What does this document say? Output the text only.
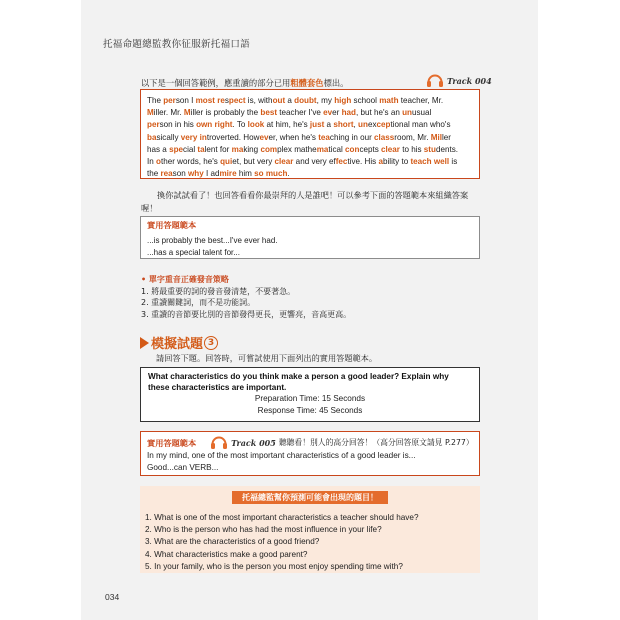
托福命題總監教你征服新托福口語
以下是一個回答範例，應重讀的部分已用粗體套色標出。	Track 004
The person I most respect is, without a doubt, my high school math teacher, Mr.
Miller. Mr. Miller is probably the best teacher I've ever had, but he's an unusual
person in his own right. To look at him, he's just a short, unexceptional man who's
basically very introverted. However, when he's teaching in our classroom, Mr. Miller
has a special talent for making complex mathematical concepts clear to his students.
In other words, he's quiet, but very clear and very effective. His ability to teach well is
the reason why I admire him so much.
換你試試看了！也回答看看你最崇拜的人是誰吧！可以參考下面的答題範本來組織答案喔！
實用答題範本
...is probably the best...I've ever had.
...has a special talent for...
• 單字重音正確發音策略
1. 將最重要的詞的發音發清楚，不要著急。
2. 重讀關鍵詞，而不是功能詞。
3. 重讀的音節要比別的音節發得更長，更響亮，音高更高。
模擬試題 3
請回答下題。回答時，可嘗試使用下面列出的實用答題範本。
What characteristics do you think make a person a good leader? Explain why these characteristics are important.
Preparation Time: 15 Seconds
Response Time: 45 Seconds
實用答題範本	Track 005 聽聽看！別人的高分回答！（高分回答原文請見 P.277）
In my mind, one of the most important characteristics of a good leader is...
Good...can VERB...
托福總監幫你預測可能會出現的題目！
1. What is one of the most important characteristics a teacher should have?
2. Who is the person who has had the most influence in your life?
3. What are the characteristics of a good friend?
4. What characteristics make a good parent?
5. In your family, who is the person you most enjoy spending time with?
034
